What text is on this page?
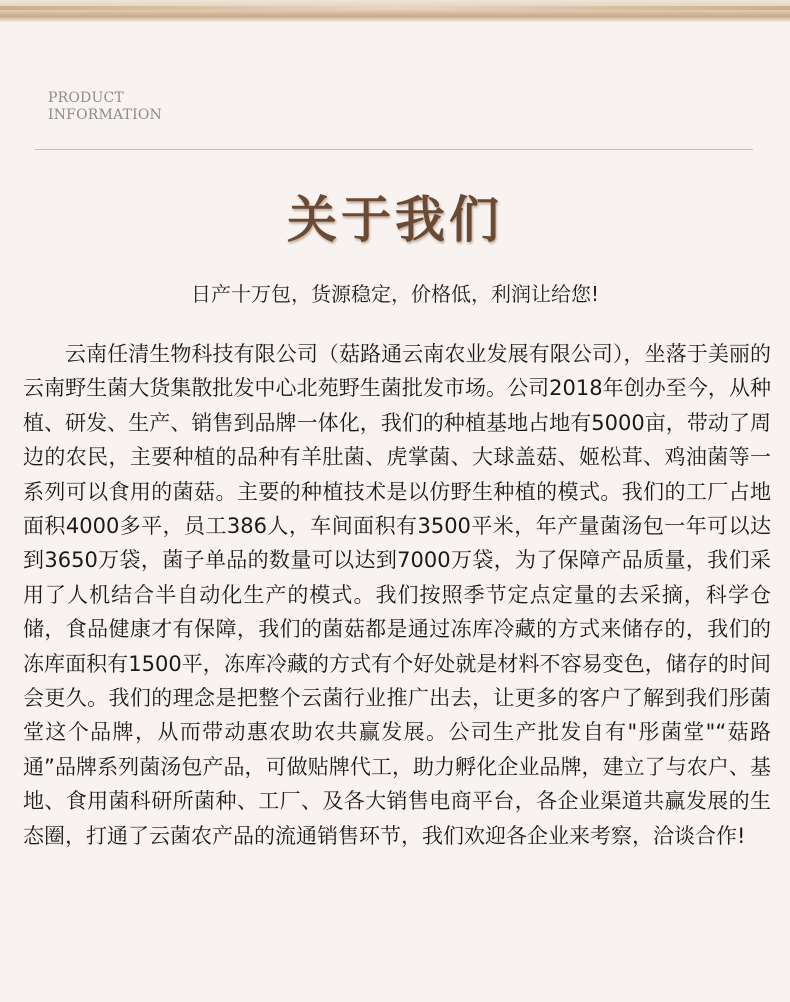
PRODUCT
INFORMATION
关于我们
日产十万包，货源稳定，价格低，利润让给您!

云南任清生物科技有限公司（菇路通云南农业发展有限公司），坐落于美丽的云南野生菌大货集散批发中心北苑野生菌批发市场。公司2018年创办至今，从种植、研发、生产、销售到品牌一体化，我们的种植基地占地有5000亩，带动了周边的农民，主要种植的品种有羊肚菌、虎掌菌、大球盖菇、姬松茸、鸡油菌等一系列可以食用的菌菇。主要的种植技术是以仿野生种植的模式。我们的工厂占地面积4000多平，员工386人，车间面积有3500平米，年产量菌汤包一年可以达到3650万袋，菌子单品的数量可以达到7000万袋，为了保障产品质量，我们采用了人机结合半自动化生产的模式。我们按照季节定点定量的去采摘，科学仓储，食品健康才有保障，我们的菌菇都是通过冻库冷藏的方式来储存的，我们的冻库面积有1500平，冻库冷藏的方式有个好处就是材料不容易变色，储存的时间会更久。我们的理念是把整个云菌行业推广出去，让更多的客户了解到我们彤菌堂这个品牌，从而带动惠农助农共赢发展。公司生产批发自有"彤菌堂"“菇路通”品牌系列菌汤包产品，可做贴牌代工，助力孵化企业品牌，建立了与农户、基地、食用菌科研所菌种、工厂、及各大销售电商平台，各企业渠道共赢发展的生态圈，打通了云菌农产品的流通销售环节，我们欢迎各企业来考察，洽谈合作!
